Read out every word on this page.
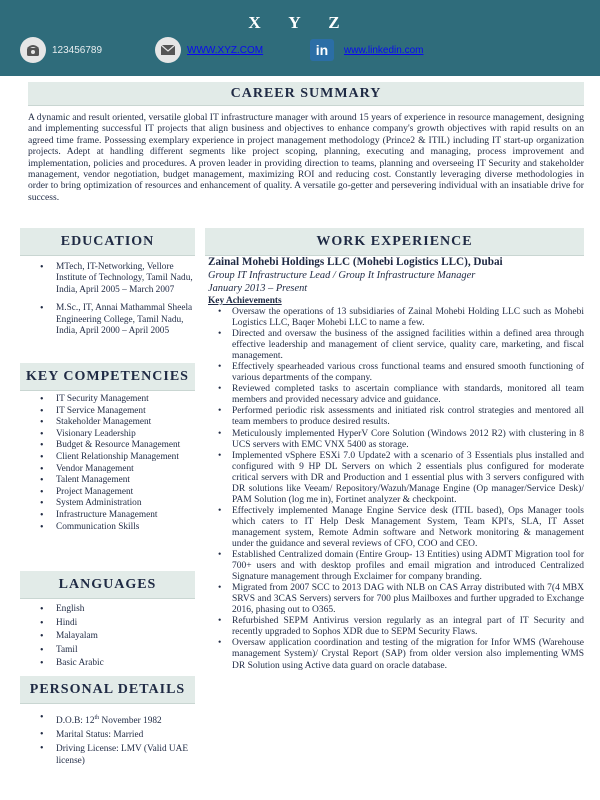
X Y Z
123456789	WWW.XYZ.COM	in	www.linkedin.com
CAREER SUMMARY
A dynamic and result oriented, versatile global IT infrastructure manager with around 15 years of experience in resource management, designing and implementing successful IT projects that align business and objectives to enhance company's growth objectives with rapid results on an agreed time frame. Possessing exemplary experience in project management methodology (Prince2 & ITIL) including IT start-up organization projects. Adept at handling different segments like project scoping, planning, executing and managing, process improvement and implementation, policies and procedures. A proven leader in providing direction to teams, planning and overseeing IT Security and stakeholder management, vendor negotiation, budget management, maximizing ROI and reducing cost. Constantly leveraging diverse methodologies in order to bring optimization of resources and enhancement of quality. A versatile go-getter and persevering individual with an insatiable drive for success.
EDUCATION
• MTech, IT-Networking, Vellore Institute of Technology, Tamil Nadu, India, April 2005 – March 2007
• M.Sc., IT, Annai Mathammal Sheela Engineering College, Tamil Nadu, India, April 2000 – April 2005
KEY COMPETENCIES
• IT Security Management
• IT Service Management
• Stakeholder Management
• Visionary Leadership
• Budget & Resource Management
• Client Relationship Management
• Vendor Management
• Talent Management
• Project Management
• System Administration
• Infrastructure Management
• Communication Skills
LANGUAGES
• English
• Hindi
• Malayalam
• Tamil
• Basic Arabic
PERSONAL DETAILS
• D.O.B: 12th November 1982
• Marital Status: Married
• Driving License: LMV (Valid UAE license)
WORK EXPERIENCE
Zainal Mohebi Holdings LLC (Mohebi Logistics LLC), Dubai
Group IT Infrastructure Lead / Group It Infrastructure Manager
January 2013 – Present
Key Achievements
• Oversaw the operations of 13 subsidiaries of Zainal Mohebi Holding LLC such as Mohebi Logistics LLC, Baqer Mohebi LLC to name a few.
• Directed and oversaw the business of the assigned facilities within a defined area through effective leadership and management of client service, quality care, marketing, and fiscal management.
• Effectively spearheaded various cross functional teams and ensured smooth functioning of various departments of the company.
• Reviewed completed tasks to ascertain compliance with standards, monitored all team members and provided necessary advice and guidance.
• Performed periodic risk assessments and initiated risk control strategies and mentored all team members to produce desired results.
• Meticulously implemented HyperV Core Solution (Windows 2012 R2) with clustering in 8 UCS servers with EMC VNX 5400 as storage.
• Implemented vSphere ESXi 7.0 Update2 with a scenario of 3 Essentials plus installed and configured with 9 HP DL Servers on which 2 essentials plus configured for moderate critical servers with DR and Production and 1 essential plus with 3 servers configured with DR solutions like Veeam/ Repository/Wazuh/Manage Engine (Op manager/Service Desk)/ PAM Solution (log me in), Fortinet analyzer & checkpoint.
• Effectively implemented Manage Engine Service desk (ITIL based), Ops Manager tools which caters to IT Help Desk Management System, Team KPI's, SLA, IT Asset management system, Remote Admin software and Network monitoring & management under the guidance and several reviews of CFO, COO and CEO.
• Established Centralized domain (Entire Group- 13 Entities) using ADMT Migration tool for 700+ users and with desktop profiles and email migration and introduced Centralized Signature management through Exclaimer for company branding.
• Migrated from 2007 SCC to 2013 DAG with NLB on CAS Array distributed with 7(4 MBX SRVS and 3CAS Servers) servers for 700 plus Mailboxes and further upgraded to Exchange 2016, phasing out to O365.
• Refurbished SEPM Antivirus version regularly as an integral part of IT Security and recently upgraded to Sophos XDR due to SEPM Security Flaws.
• Oversaw application coordination and testing of the migration for Infor WMS (Warehouse management System)/ Crystal Report (SAP) from older version also implementing WMS DR Solution using Active data guard on oracle database.
